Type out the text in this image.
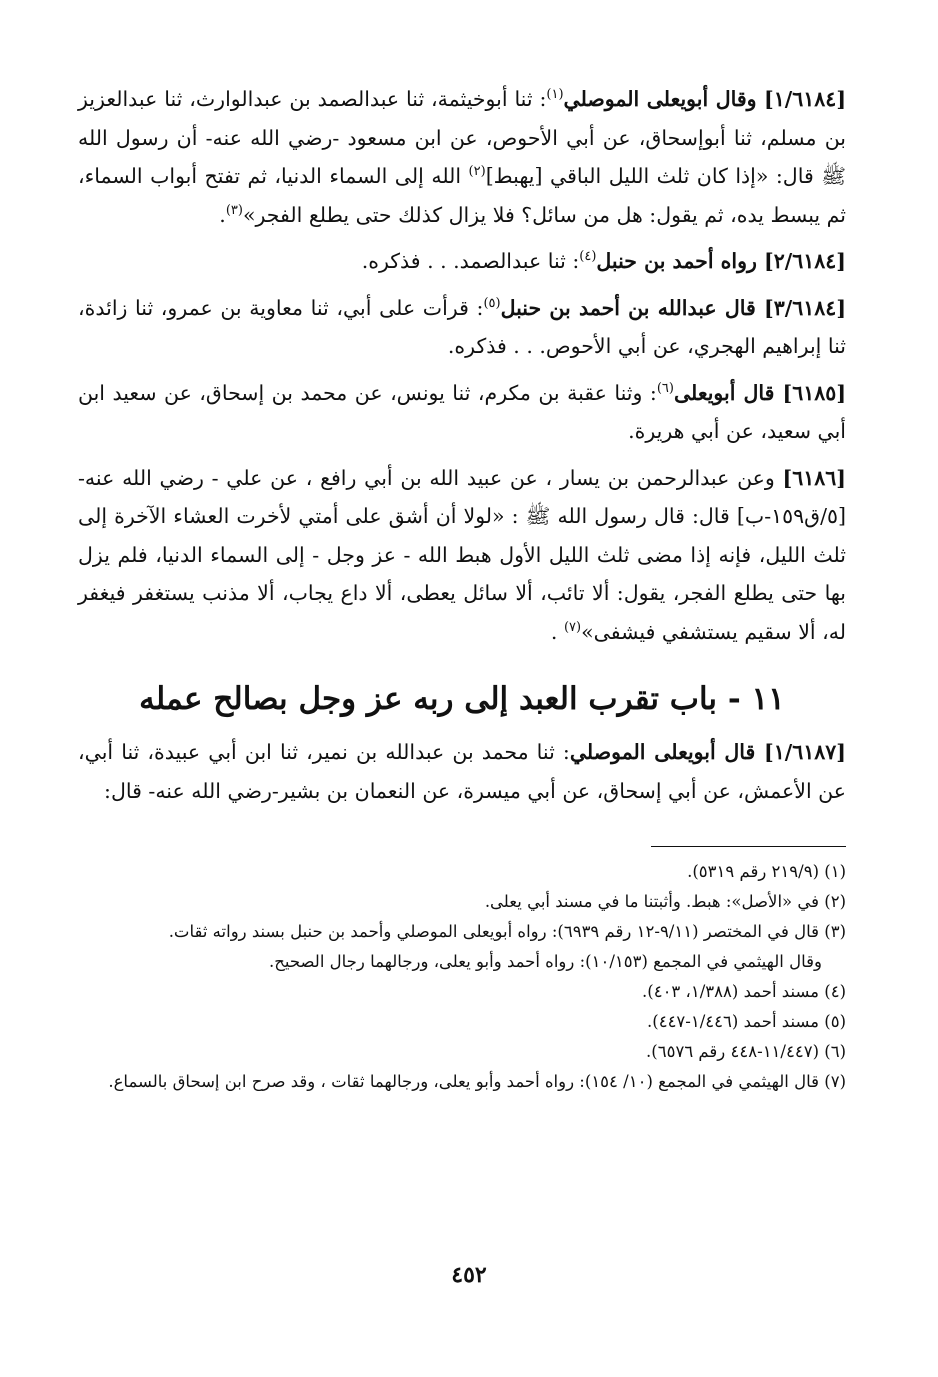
[١/٦١٨٤] وقال أبويعلى الموصلي$^{(١)}$: ثنا أبوخيثمة، ثنا عبدالصمد بن عبدالوارث، ثنا عبدالعزيز بن مسلم، ثنا أبوإسحاق، عن أبي الأحوص، عن ابن مسعود -رضي الله عنه- أن رسول الله ﷺ قال: «إذا كان ثلث الليل الباقي [يهبط]$^{(٢)}$ الله إلى السماء الدنيا، ثم تفتح أبواب السماء، ثم يبسط يده، ثم يقول: هل من سائل؟ فلا يزال كذلك حتى يطلع الفجر»$^{(٣)}$.

[٢/٦١٨٤] رواه أحمد بن حنبل$^{(٤)}$: ثنا عبدالصمد. . . فذكره.

[٣/٦١٨٤] قال عبدالله بن أحمد بن حنبل$^{(٥)}$: قرأت على أبي، ثنا معاوية بن عمرو، ثنا زائدة، ثنا إبراهيم الهجري، عن أبي الأحوص. . . فذكره.

[٦١٨٥] قال أبويعلى$^{(٦)}$: وثنا عقبة بن مكرم، ثنا يونس، عن محمد بن إسحاق، عن سعيد ابن أبي سعيد، عن أبي هريرة.

[٦١٨٦] وعن عبدالرحمن بن يسار ، عن عبيد الله بن أبي رافع ، عن علي - رضي الله عنه- [٥/ق١٥٩-ب] قال: قال رسول الله ﷺ : «لولا أن أشق على أمتي لأخرت العشاء الآخرة إلى ثلث الليل، فإنه إذا مضى ثلث الليل الأول هبط الله - عز وجل - إلى السماء الدنيا، فلم يزل بها حتى يطلع الفجر، يقول: ألا تائب، ألا سائل يعطى، ألا داع يجاب، ألا مذنب يستغفر فيغفر له، ألا سقيم يستشفي فيشفى»$^{(٧)}$ .

١١ - باب تقرب العبد إلى ربه عز وجل بصالح عمله

[١/٦١٨٧] قال أبويعلى الموصلي: ثنا محمد بن عبدالله بن نمير، ثنا ابن أبي عبيدة، ثنا أبي، عن الأعمش، عن أبي إسحاق، عن أبي ميسرة، عن النعمان بن بشير-رضي الله عنه- قال:

(١) (٢١٩/٩ رقم ٥٣١٩).

(٢) في «الأصل»: هبط. وأثبتنا ما في مسند أبي يعلى.

(٣) قال في المختصر (٩/١١-١٢ رقم ٦٩٣٩): رواه أبويعلى الموصلي وأحمد بن حنبل بسند رواته ثقات.

وقال الهيثمي في المجمع (١٠/١٥٣): رواه أحمد وأبو يعلى، ورجالهما رجال الصحيح.

(٤) مسند أحمد (١/٣٨٨، ٤٠٣).

(٥) مسند أحمد (١/٤٤٦-٤٤٧).

(٦) (١١/٤٤٧-٤٤٨ رقم ٦٥٧٦).

(٧) قال الهيثمي في المجمع (١٠/ ١٥٤): رواه أحمد وأبو يعلى، ورجالهما ثقات ، وقد صرح ابن إسحاق بالسماع.

٤٥٢
